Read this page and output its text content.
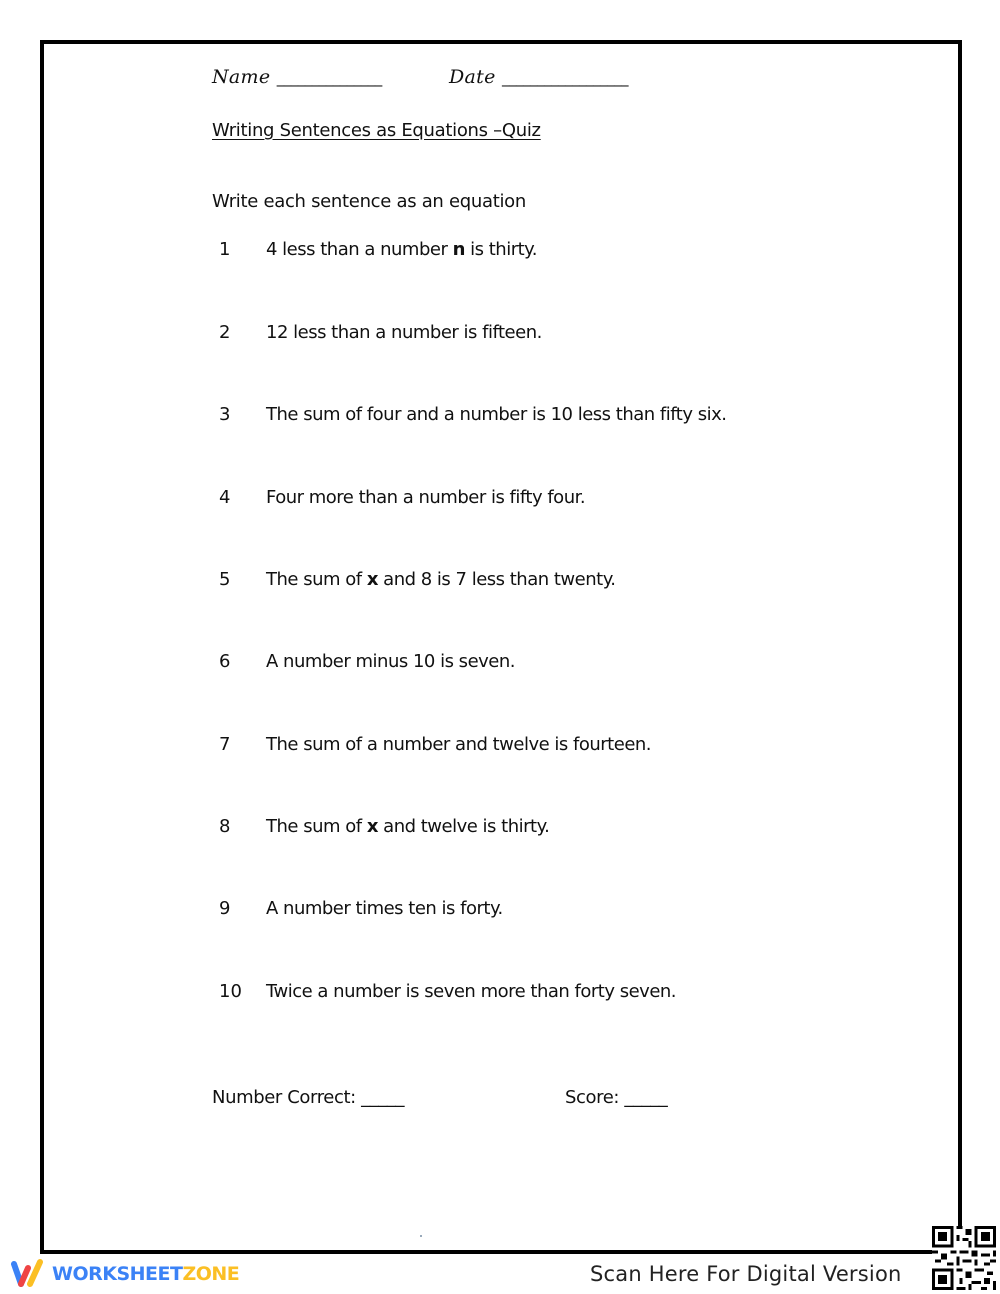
Name _______________	Date __________________
Writing Sentences as Equations –Quiz
Write each sentence as an equation
1 4 less than a number n is thirty.
2 12 less than a number is fifteen.
3 The sum of four and a number is 10 less than fifty six.
4 Four more than a number is fifty four.
5 The sum of x and 8 is 7 less than twenty.
6 A number minus 10 is seven.
7 The sum of a number and twelve is fourteen.
8 The sum of x and twelve is thirty.
9 A number times ten is forty.
10 Twice a number is seven more than forty seven.
Number Correct: _____	Score: _____
WORKSHEETZONE	Scan Here For Digital Version
